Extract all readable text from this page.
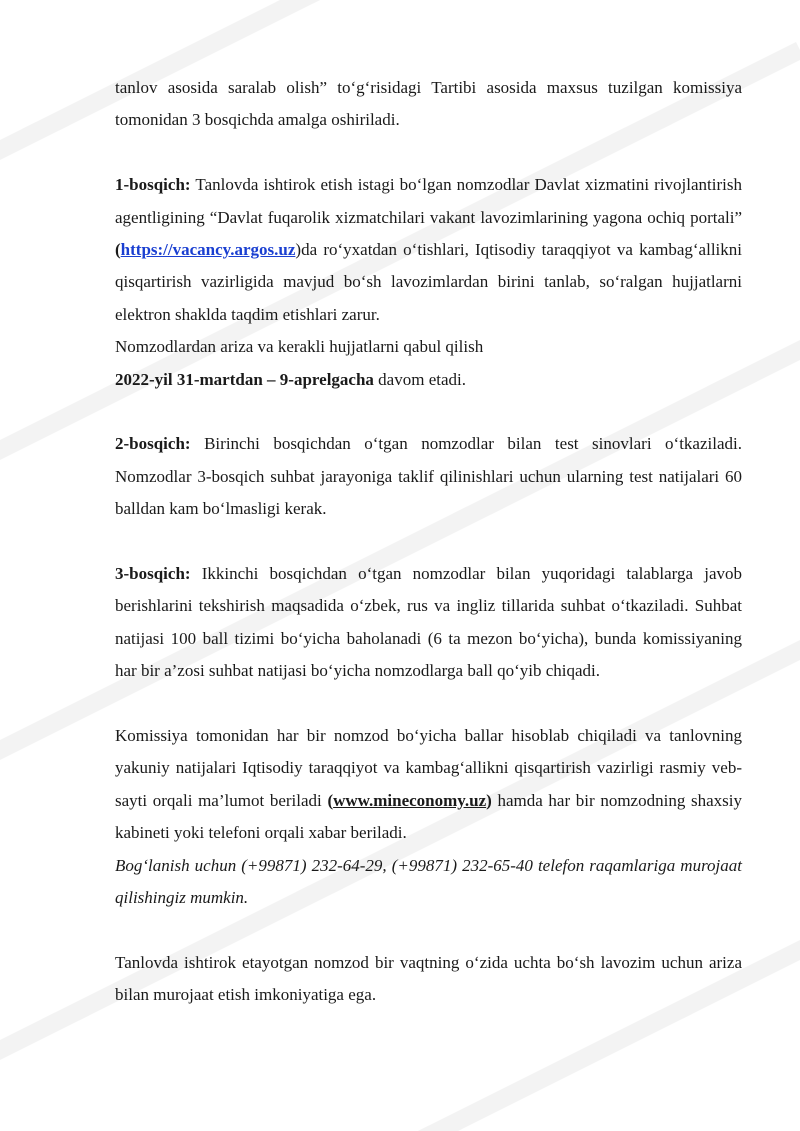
tanlov asosida saralab olish” to‘g‘risidagi Tartibi asosida maxsus tuzilgan komissiya tomonidan 3 bosqichda amalga oshiriladi.

1-bosqich: Tanlovda ishtirok etish istagi bo‘lgan nomzodlar Davlat xizmatini rivojlantirish agentligining “Davlat fuqarolik xizmatchilari vakant lavozimlarining yagona ochiq portali” (https://vacancy.argos.uz)da ro‘yxatdan o‘tishlari, Iqtisodiy taraqqiyot va kambag‘allikni qisqartirish vazirligida mavjud bo‘sh lavozimlardan birini tanlab, so‘ralgan hujjatlarni elektron shaklda taqdim etishlari zarur.

Nomzodlardan ariza va kerakli hujjatlarni qabul qilish

2022-yil 31-martdan – 9-aprelgacha davom etadi.

2-bosqich: Birinchi bosqichdan o‘tgan nomzodlar bilan test sinovlari o‘tkaziladi. Nomzodlar 3-bosqich suhbat jarayoniga taklif qilinishlari uchun ularning test natijalari 60 balldan kam bo‘lmasligi kerak.

3-bosqich: Ikkinchi bosqichdan o‘tgan nomzodlar bilan yuqoridagi talablarga javob berishlarini tekshirish maqsadida o‘zbek, rus va ingliz tillarida suhbat o‘tkaziladi. Suhbat natijasi 100 ball tizimi bo‘yicha baholanadi (6 ta mezon bo‘yicha), bunda komissiyaning har bir a’zosi suhbat natijasi bo‘yicha nomzodlarga ball qo‘yib chiqadi.

Komissiya tomonidan har bir nomzod bo‘yicha ballar hisoblab chiqiladi va tanlovning yakuniy natijalari Iqtisodiy taraqqiyot va kambag‘allikni qisqartirish vazirligi rasmiy veb-sayti orqali ma’lumot beriladi (www.mineconomy.uz) hamda har bir nomzodning shaxsiy kabineti yoki telefoni orqali xabar beriladi.

Bog‘lanish uchun (+99871) 232-64-29, (+99871) 232-65-40 telefon raqamlariga murojaat qilishingiz mumkin.

Tanlovda ishtirok etayotgan nomzod bir vaqtning o‘zida uchta bo‘sh lavozim uchun ariza bilan murojaat etish imkoniyatiga ega.
